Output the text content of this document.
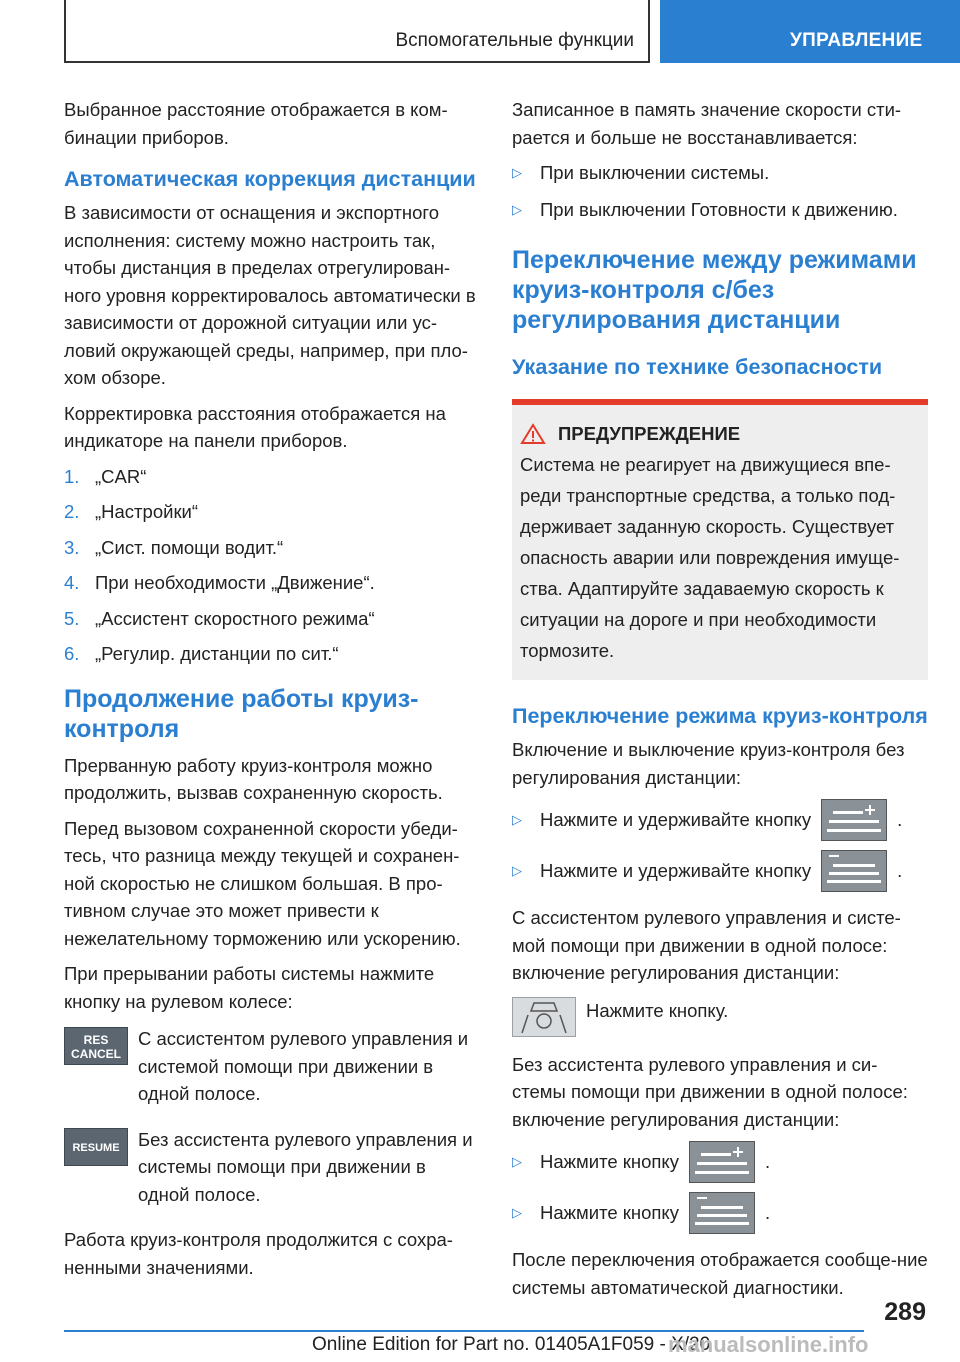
Вспомогательные функции	УПРАВЛЕНИЕ

Выбранное расстояние отображается в ком-бинации приборов.

Автоматическая коррекция дистанции

В зависимости от оснащения и экспортного исполнения: систему можно настроить так, чтобы дистанция в пределах отрегулирован-ного уровня корректировалось автоматически в зависимости от дорожной ситуации или ус-ловий окружающей среды, например, при пло-хом обзоре.

Корректировка расстояния отображается на индикаторе на панели приборов.

1. „CAR“
2. „Настройки“
3. „Сист. помощи водит.“
4. При необходимости „Движение“.
5. „Ассистент скоростного режима“
6. „Регулир. дистанции по сит.“
Продолжение работы круиз-контроля

Прерванную работу круиз-контроля можно продолжить, вызвав сохраненную скорость.

Перед вызовом сохраненной скорости убеди-тесь, что разница между текущей и сохранен-ной скоростью не слишком большая. В про-тивном случае это может привести к нежелательному торможению или ускорению.

При прерывании работы системы нажмите кнопку на рулевом колесе:

RES
CANCEL

С ассистентом рулевого управления и системой помощи при движении в одной полосе.

RESUME Без ассистента рулевого управления и системы помощи при движении в одной полосе.

Работа круиз-контроля продолжится с сохра-ненными значениями.

Записанное в память значение скорости сти-рается и больше не восстанавливается:

▷ При выключении системы.
▷ При выключении Готовности к движению.
Переключение между режимами круиз-контроля с/без регулирования дистанции
Указание по технике безопасности
ПРЕДУПРЕЖДЕНИЕ

Система не реагирует на движущиеся впе-реди транспортные средства, а только под-держивает заданную скорость. Существует опасность аварии или повреждения имуще-ства. Адаптируйте задаваемую скорость к ситуации на дороге и при необходимости тормозите.

Переключение режима круиз-контроля

Включение и выключение круиз-контроля без регулирования дистанции:

▷ Нажмите и удерживайте кнопку	.
▷ Нажмите и удерживайте кнопку	.

С ассистентом рулевого управления и систе-мой помощи при движении в одной полосе: включение регулирования дистанции:

Нажмите кнопку.

Без ассистента рулевого управления и си-стемы помощи при движении в одной полосе: включение регулирования дистанции:

▷ Нажмите кнопку	.
▷ Нажмите кнопку	.

После переключения отображается сообще-ние системы автоматической диагностики.

289
Online Edition for Part no. 01405A1F059 - X/20
manualsonline.info
